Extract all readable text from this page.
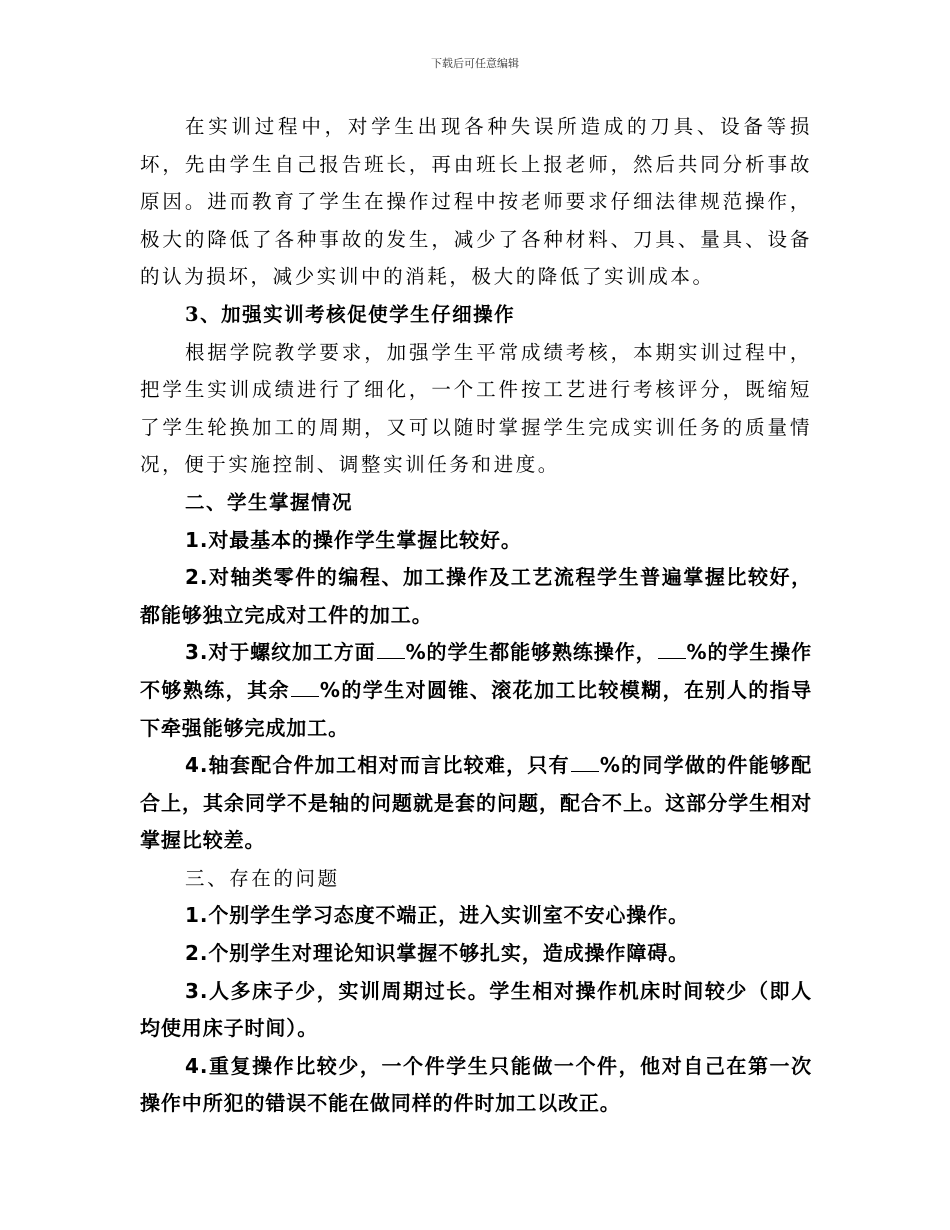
下载后可任意编辑

在实训过程中，对学生出现各种失误所造成的刀具、设备等损坏，先由学生自己报告班长，再由班长上报老师，然后共同分析事故原因。进而教育了学生在操作过程中按老师要求仔细法律规范操作，极大的降低了各种事故的发生，减少了各种材料、刀具、量具、设备的认为损坏，减少实训中的消耗，极大的降低了实训成本。

3、加强实训考核促使学生仔细操作

根据学院教学要求，加强学生平常成绩考核，本期实训过程中，把学生实训成绩进行了细化，一个工件按工艺进行考核评分，既缩短了学生轮换加工的周期，又可以随时掌握学生完成实训任务的质量情况，便于实施控制、调整实训任务和进度。

二、学生掌握情况

1.对最基本的操作学生掌握比较好。

2.对轴类零件的编程、加工操作及工艺流程学生普遍掌握比较好，都能够独立完成对工件的加工。

3.对于螺纹加工方面 %的学生都能够熟练操作， %的学生操作不够熟练，其余 %的学生对圆锥、滚花加工比较模糊，在别人的指导下牵强能够完成加工。

4.轴套配合件加工相对而言比较难，只有 %的同学做的件能够配合上，其余同学不是轴的问题就是套的问题，配合不上。这部分学生相对掌握比较差。

三、存在的问题

1.个别学生学习态度不端正，进入实训室不安心操作。

2.个别学生对理论知识掌握不够扎实，造成操作障碍。

3.人多床子少，实训周期过长。学生相对操作机床时间较少（即人均使用床子时间）。

4.重复操作比较少，一个件学生只能做一个件，他对自己在第一次操作中所犯的错误不能在做同样的件时加工以改正。
